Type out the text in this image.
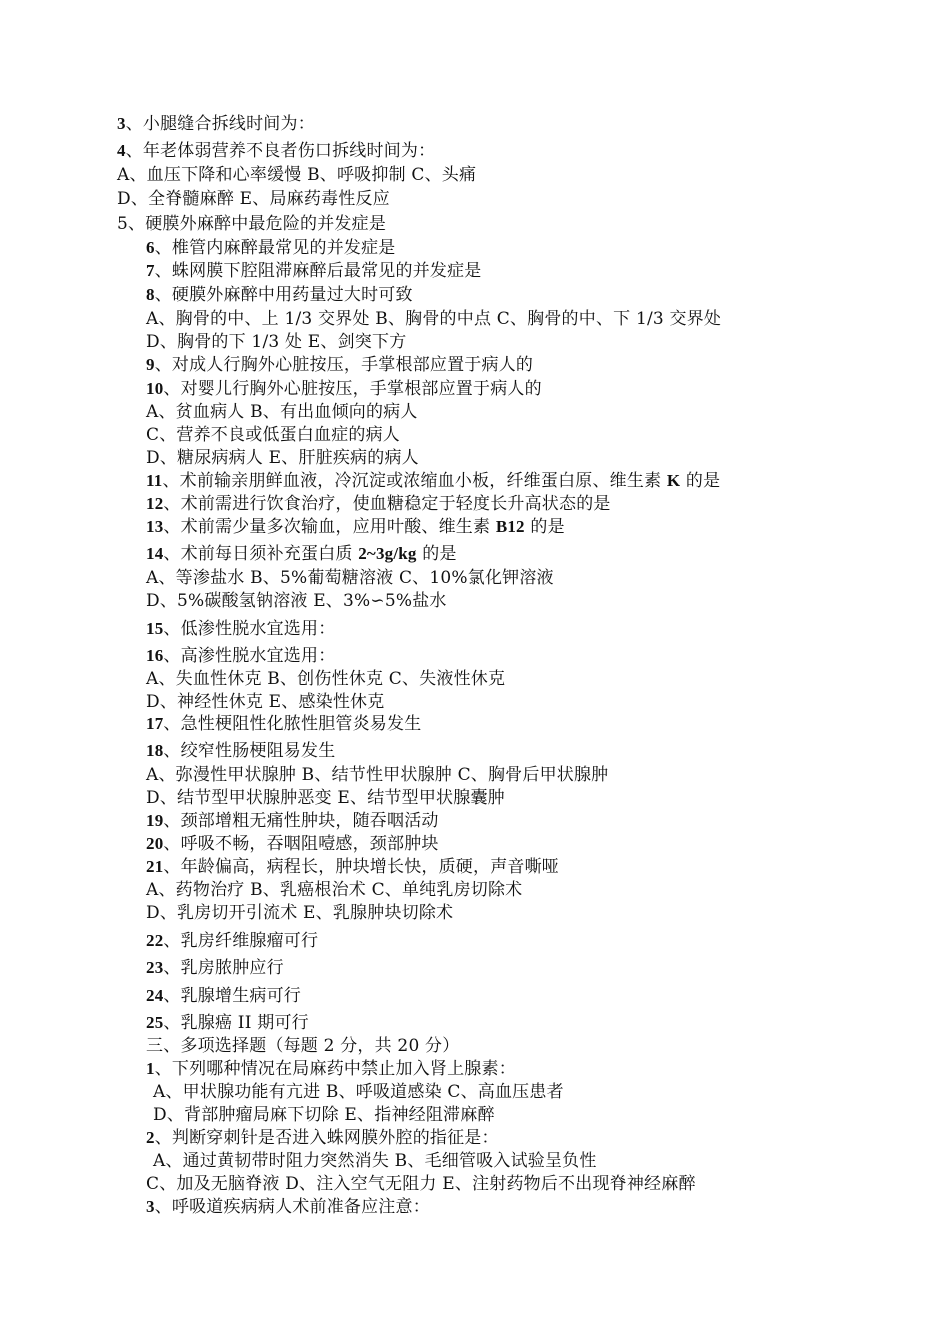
3、小腿缝合拆线时间为：
4、年老体弱营养不良者伤口拆线时间为：
A、血压下降和心率缓慢 B、呼吸抑制 C、头痛
D、全脊髓麻醉 E、局麻药毒性反应
5、硬膜外麻醉中最危险的并发症是
6、椎管内麻醉最常见的并发症是
7、蛛网膜下腔阻滞麻醉后最常见的并发症是
8、硬膜外麻醉中用药量过大时可致
A、胸骨的中、上 1/3 交界处 B、胸骨的中点 C、胸骨的中、下 1/3 交界处
D、胸骨的下 1/3 处 E、剑突下方
9、对成人行胸外心脏按压，手掌根部应置于病人的
10、对婴儿行胸外心脏按压，手掌根部应置于病人的
A、贫血病人 B、有出血倾向的病人
C、营养不良或低蛋白血症的病人
D、糖尿病病人 E、肝脏疾病的病人
11、术前输亲朋鲜血液，冷沉淀或浓缩血小板，纤维蛋白原、维生素 K 的是
12、术前需进行饮食治疗，使血糖稳定于轻度长升高状态的是
13、术前需少量多次输血，应用叶酸、维生素 B12 的是
14、术前每日须补充蛋白质 2~3g/kg 的是
A、等渗盐水 B、5%葡萄糖溶液 C、10%氯化钾溶液
D、5%碳酸氢钠溶液 E、3%∽5%盐水
15、低渗性脱水宜选用：
16、高渗性脱水宜选用：
A、失血性休克 B、创伤性休克 C、失液性休克
D、神经性休克 E、感染性休克
17、急性梗阻性化脓性胆管炎易发生
18、绞窄性肠梗阻易发生
A、弥漫性甲状腺肿 B、结节性甲状腺肿 C、胸骨后甲状腺肿
D、结节型甲状腺肿恶变 E、结节型甲状腺囊肿
19、颈部增粗无痛性肿块，随吞咽活动
20、呼吸不畅，吞咽阻噎感，颈部肿块
21、年龄偏高，病程长，肿块增长快，质硬，声音嘶哑
A、药物治疗 B、乳癌根治术 C、单纯乳房切除术
D、乳房切开引流术 E、乳腺肿块切除术
22、乳房纤维腺瘤可行
23、乳房脓肿应行
24、乳腺增生病可行
25、乳腺癌 II 期可行
三、多项选择题（每题 2 分，共 20 分）
1、下列哪种情况在局麻药中禁止加入肾上腺素：
A、甲状腺功能有亢进 B、呼吸道感染 C、高血压患者
D、背部肿瘤局麻下切除 E、指神经阻滞麻醉
2、判断穿刺针是否进入蛛网膜外腔的指征是：
A、通过黄韧带时阻力突然消失 B、毛细管吸入试验呈负性
C、加及无脑脊液 D、注入空气无阻力 E、注射药物后不出现脊神经麻醉
3、呼吸道疾病病人术前准备应注意：
